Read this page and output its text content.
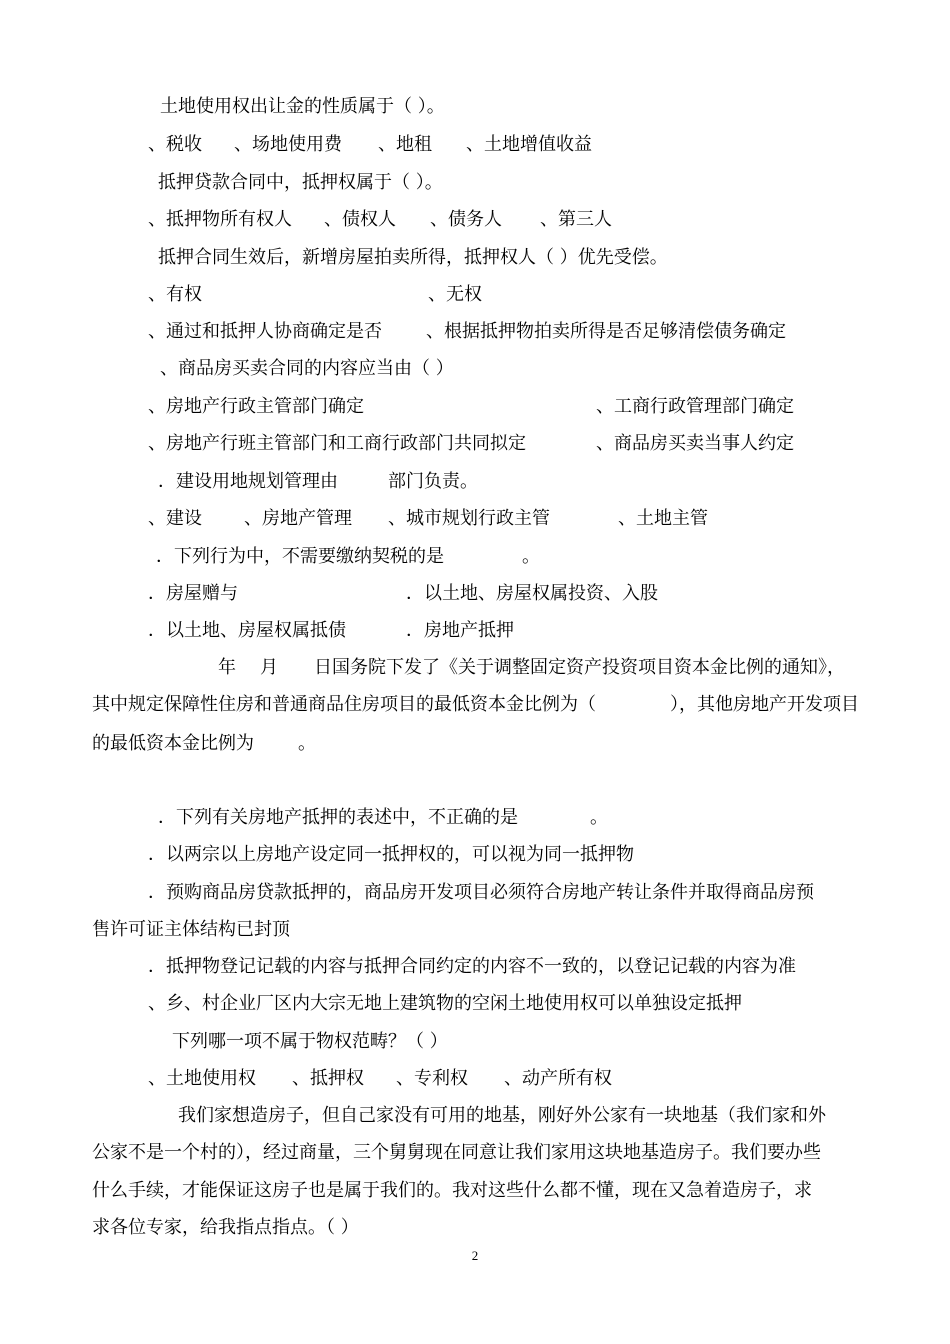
土地使用权出让金的性质属于（ ）。
、税收 、场地使用费 、地租 、土地增值收益
抵押贷款合同中，抵押权属于（ ）。
、抵押物所有权人 、债权人 、债务人 、第三人
抵押合同生效后，新增房屋拍卖所得，抵押权人（ ）优先受偿。
、有权	、无权
、通过和抵押人协商确定是否 、根据抵押物拍卖所得是否足够清偿债务确定
、商品房买卖合同的内容应当由（ ）
、房地产行政主管部门确定	、工商行政管理部门确定
、房地产行班主管部门和工商行政部门共同拟定	、商品房买卖当事人约定
．建设用地规划管理由	部门负责。
、建设 、房地产管理 、城市规划行政主管	、土地主管
．下列行为中，不需要缴纳契税的是	。
．房屋赠与	．以土地、房屋权属投资、入股
．以土地、房屋权属抵债	．房地产抵押
年 月 日国务院下发了《关于调整固定资产投资项目资本金比例的通知》，
其中规定保障性住房和普通商品住房项目的最低资本金比例为（	），其他房地产开发项目
的最低资本金比例为 。
．下列有关房地产抵押的表述中，不正确的是	。
．以两宗以上房地产设定同一抵押权的，可以视为同一抵押物
．预购商品房贷款抵押的，商品房开发项目必须符合房地产转让条件并取得商品房预
售许可证主体结构已封顶
．抵押物登记记载的内容与抵押合同约定的内容不一致的，以登记记载的内容为准
、乡、村企业厂区内大宗无地上建筑物的空闲土地使用权可以单独设定抵押
下列哪一项不属于物权范畴？（ ）
、土地使用权 、抵押权 、专利权 、动产所有权
我们家想造房子，但自己家没有可用的地基，刚好外公家有一块地基（我们家和外
公家不是一个村的），经过商量，三个舅舅现在同意让我们家用这块地基造房子。我们要办些
什么手续，才能保证这房子也是属于我们的。我对这些什么都不懂，现在又急着造房子，求
求各位专家，给我指点指点。（ ）
2
